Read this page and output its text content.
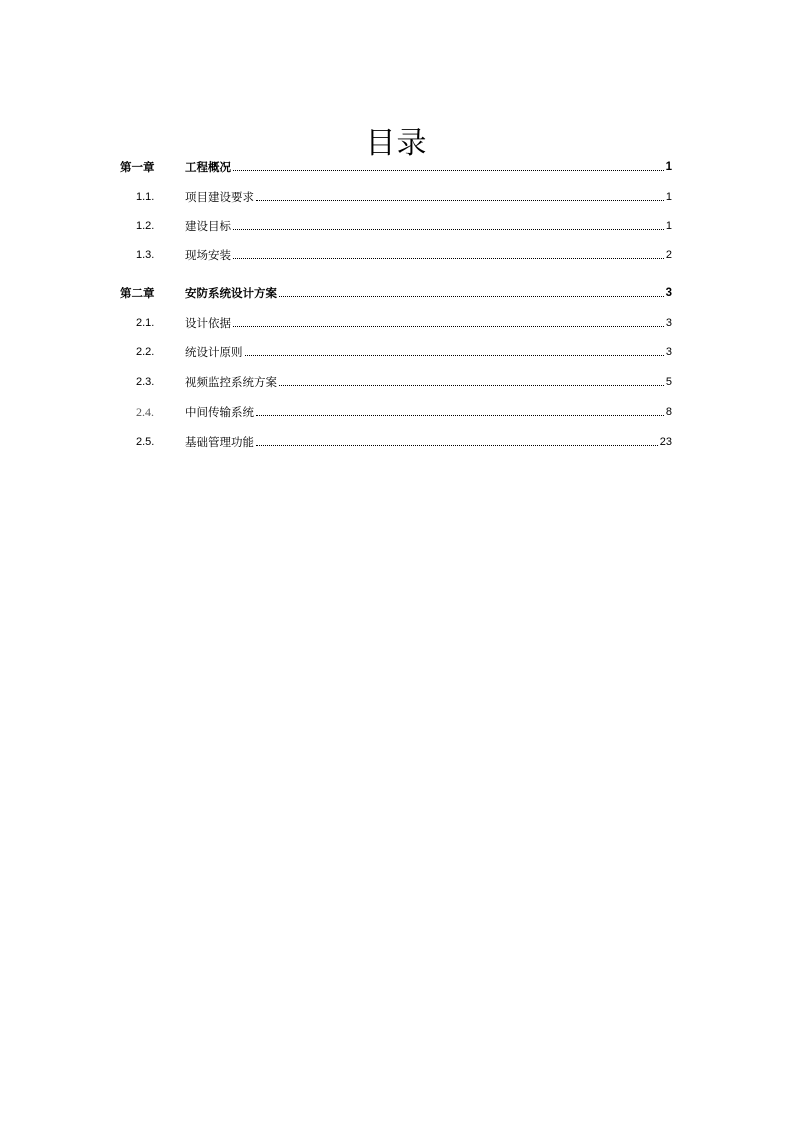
目录
第一章	工程概况	1
1.1.	项目建设要求	1
1.2.	建设目标	1
1.3.	现场安装	2
第二章	安防系统设计方案	3
2.1.	设计依据	3
2.2.	统设计原则	3
2.3.	视频监控系统方案	5
2.4.	中间传输系统	8
2.5.	基础管理功能	23
